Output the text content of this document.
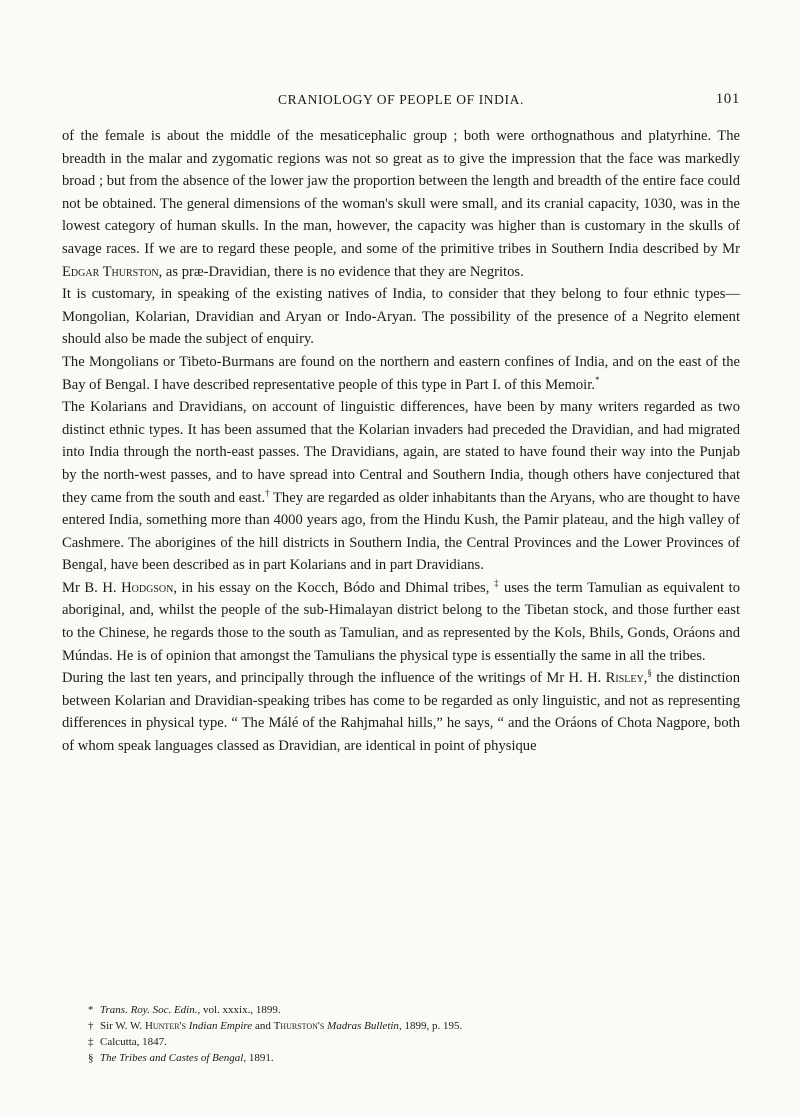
CRANIOLOGY OF PEOPLE OF INDIA.	101

of the female is about the middle of the mesaticephalic group ; both were orthognathous and platyrhine. The breadth in the malar and zygomatic regions was not so great as to give the impression that the face was markedly broad ; but from the absence of the lower jaw the proportion between the length and breadth of the entire face could not be obtained. The general dimensions of the woman's skull were small, and its cranial capacity, 1030, was in the lowest category of human skulls. In the man, however, the capacity was higher than is customary in the skulls of savage races. If we are to regard these people, and some of the primitive tribes in Southern India described by Mr Edgar Thurston, as præ-Dravidian, there is no evidence that they are Negritos.

It is customary, in speaking of the existing natives of India, to consider that they belong to four ethnic types—Mongolian, Kolarian, Dravidian and Aryan or Indo-Aryan. The possibility of the presence of a Negrito element should also be made the subject of enquiry.

The Mongolians or Tibeto-Burmans are found on the northern and eastern confines of India, and on the east of the Bay of Bengal. I have described representative people of this type in Part I. of this Memoir.*

The Kolarians and Dravidians, on account of linguistic differences, have been by many writers regarded as two distinct ethnic types. It has been assumed that the Kolarian invaders had preceded the Dravidian, and had migrated into India through the north-east passes. The Dravidians, again, are stated to have found their way into the Punjab by the north-west passes, and to have spread into Central and Southern India, though others have conjectured that they came from the south and east.† They are regarded as older inhabitants than the Aryans, who are thought to have entered India, something more than 4000 years ago, from the Hindu Kush, the Pamir plateau, and the high valley of Cashmere. The aborigines of the hill districts in Southern India, the Central Provinces and the Lower Provinces of Bengal, have been described as in part Kolarians and in part Dravidians.

Mr B. H. Hodgson, in his essay on the Kocch, Bódo and Dhimal tribes, ‡ uses the term Tamulian as equivalent to aboriginal, and, whilst the people of the sub-Himalayan district belong to the Tibetan stock, and those further east to the Chinese, he regards those to the south as Tamulian, and as represented by the Kols, Bhils, Gonds, Oráons and Múndas. He is of opinion that amongst the Tamulians the physical type is essentially the same in all the tribes.

During the last ten years, and principally through the influence of the writings of Mr H. H. Risley,§ the distinction between Kolarian and Dravidian-speaking tribes has come to be regarded as only linguistic, and not as representing differences in physical type. “ The Málé of the Rahjmahal hills,” he says, “ and the Oráons of Chota Nagpore, both of whom speak languages classed as Dravidian, are identical in point of physique

* Trans. Roy. Soc. Edin., vol. xxxix., 1899.
† Sir W. W. Hunter's Indian Empire and Thurston's Madras Bulletin, 1899, p. 195.
‡ Calcutta, 1847.
§ The Tribes and Castes of Bengal, 1891.
